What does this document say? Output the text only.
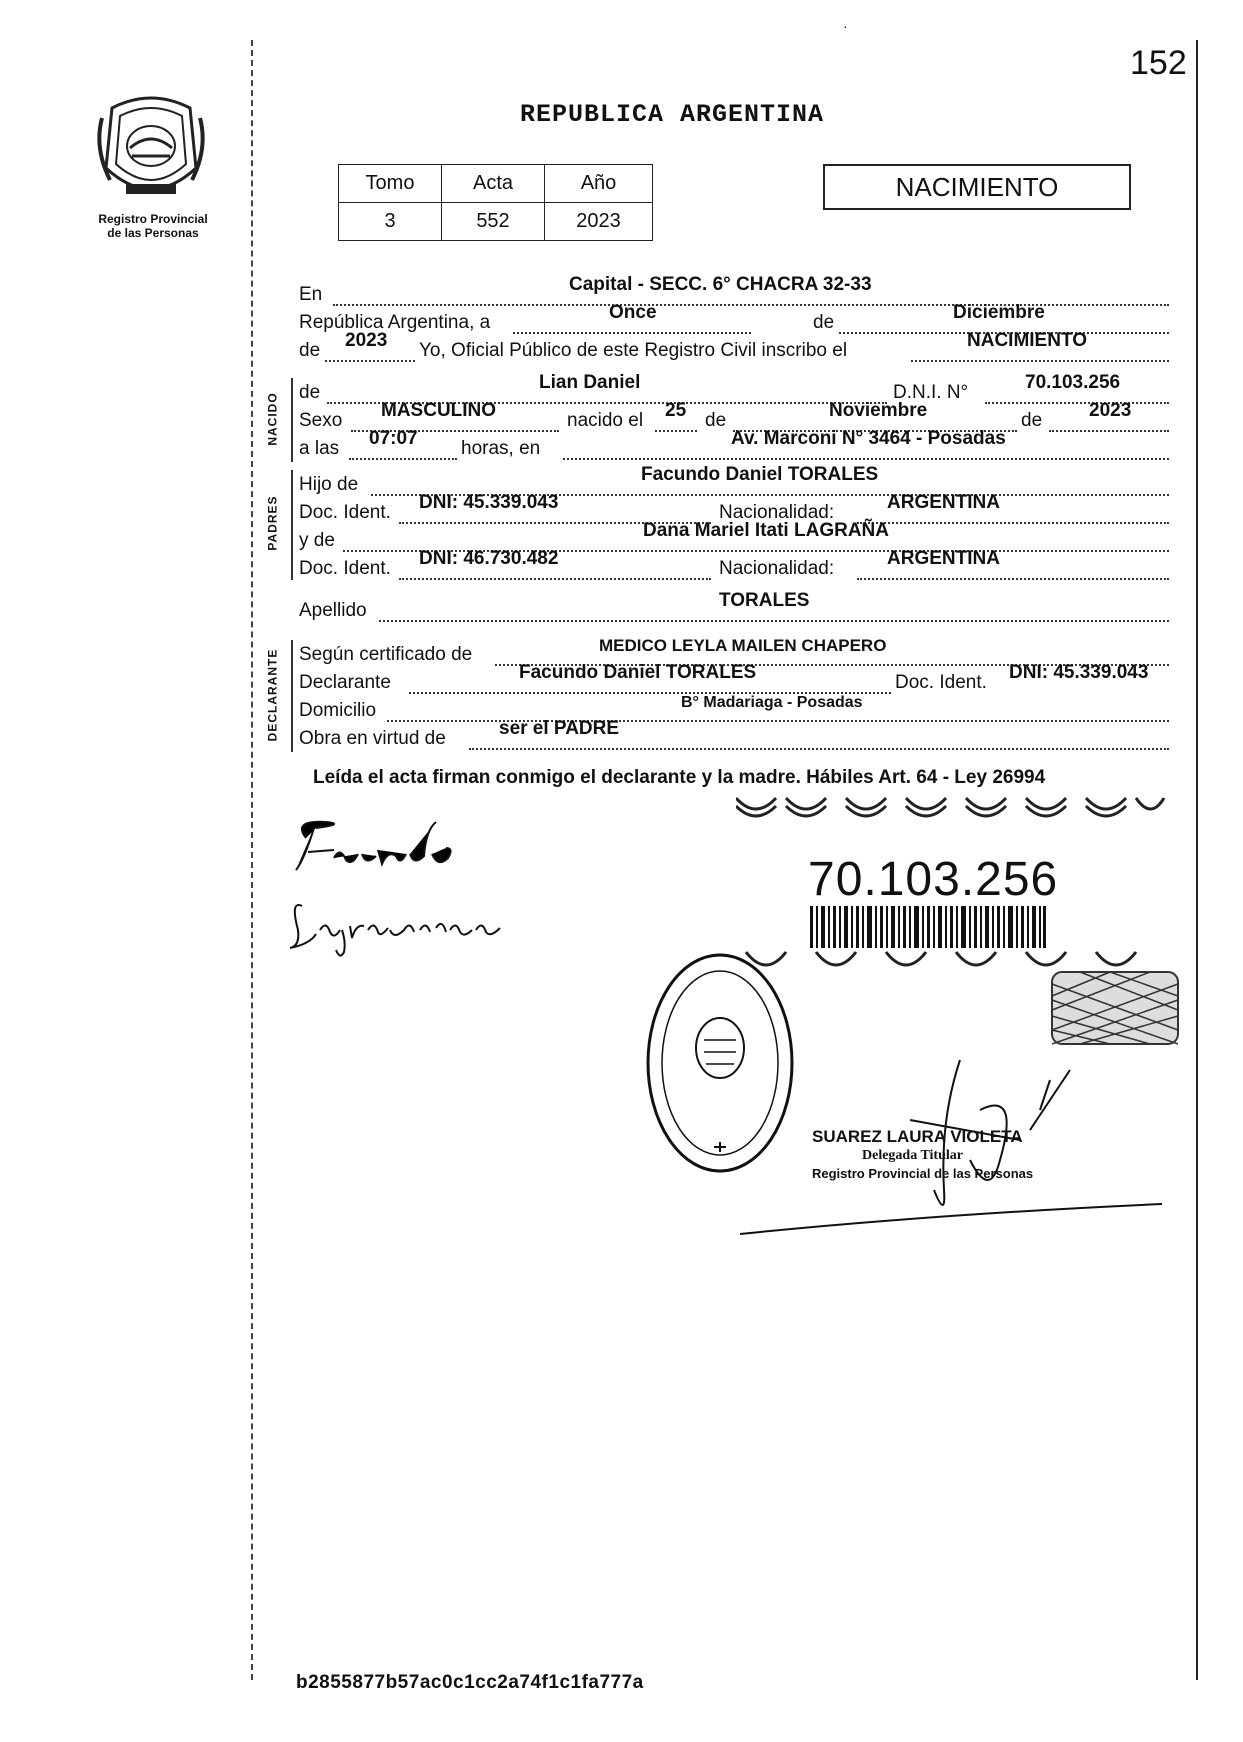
·
152
Registro Provincial
de las Personas
REPUBLICA ARGENTINA
Tomo	Acta	Año
3	552	2023
NACIMIENTO
En	Capital - SECC. 6° CHACRA 32-33
República Argentina, a	Once	de	Diciembre
de 2023 Yo, Oficial Público de este Registro Civil inscribo el	NACIMIENTO
NACIDO de	Lian Daniel	D.N.I. N°	70.103.256
Sexo MASCULINO	nacido el 25 de	Noviembre	de 2023
a las 07:07 horas, en	Av. Marconi N° 3464 - Posadas
PADRES
Hijo de	Facundo Daniel TORALES
Doc. Ident. DNI: 45.339.043	Nacionalidad:	ARGENTINA
y de	Dana Mariel Itati LAGRAÑA
Doc. Ident. DNI: 46.730.482	Nacionalidad:	ARGENTINA
Apellido	TORALES
DECLARANTE Según certificado de	MEDICO LEYLA MAILEN CHAPERO
Declarante	Facundo Daniel TORALES	Doc. Ident. DNI: 45.339.043
Domicilio	B° Madariaga - Posadas
Obra en virtud de	ser el PADRE
Leída el acta firman conmigo el declarante y la madre. Hábiles Art. 64 - Ley 26994
70.103.256
SUAREZ LAURA VIOLETA
Delegada Titular
Registro Provincial de las Personas
b2855877b57ac0c1cc2a74f1c1fa777a
